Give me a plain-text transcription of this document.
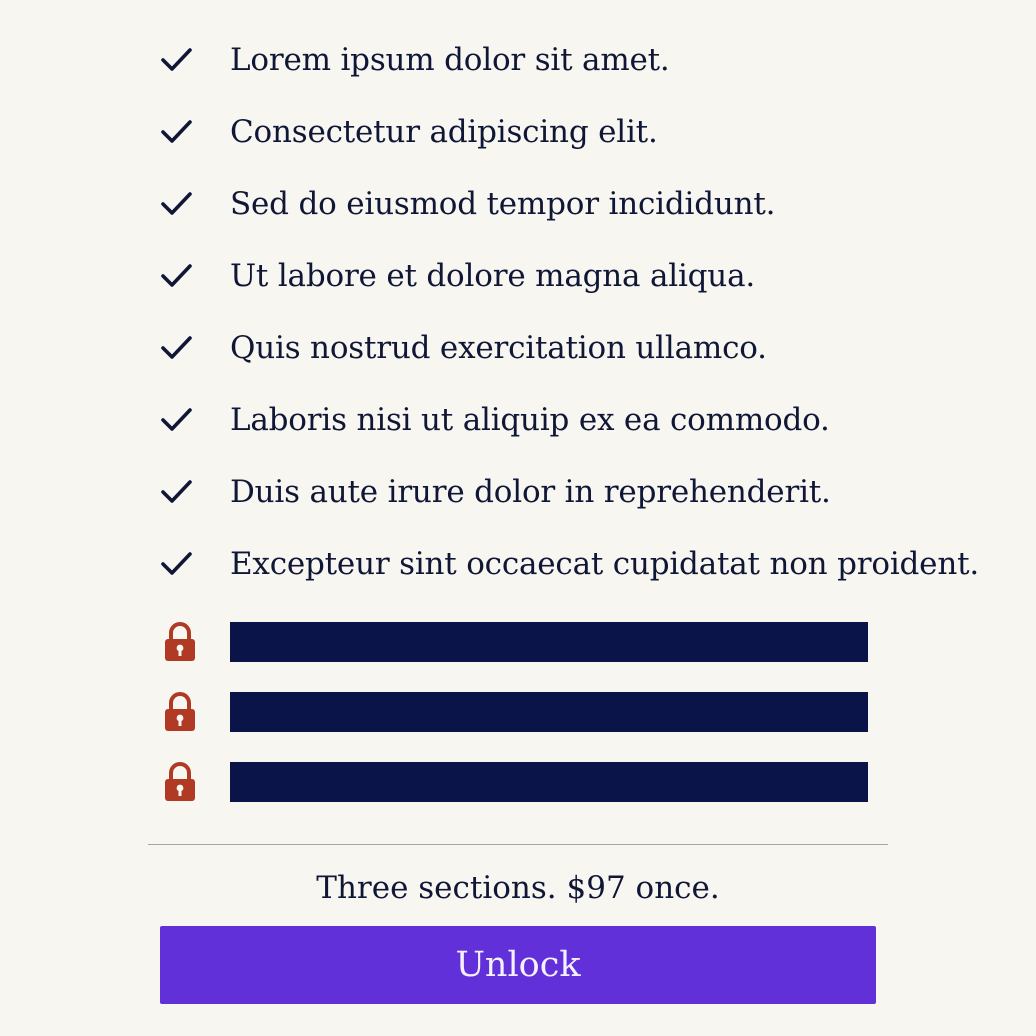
Lorem ipsum dolor sit amet.
Consectetur adipiscing elit.
Sed do eiusmod tempor incididunt.
Ut labore et dolore magna aliqua.
Quis nostrud exercitation ullamco.
Laboris nisi ut aliquip ex ea commodo.
Duis aute irure dolor in reprehenderit.
Excepteur sint occaecat cupidatat non proident.
Three sections. $97 once.
Unlock
